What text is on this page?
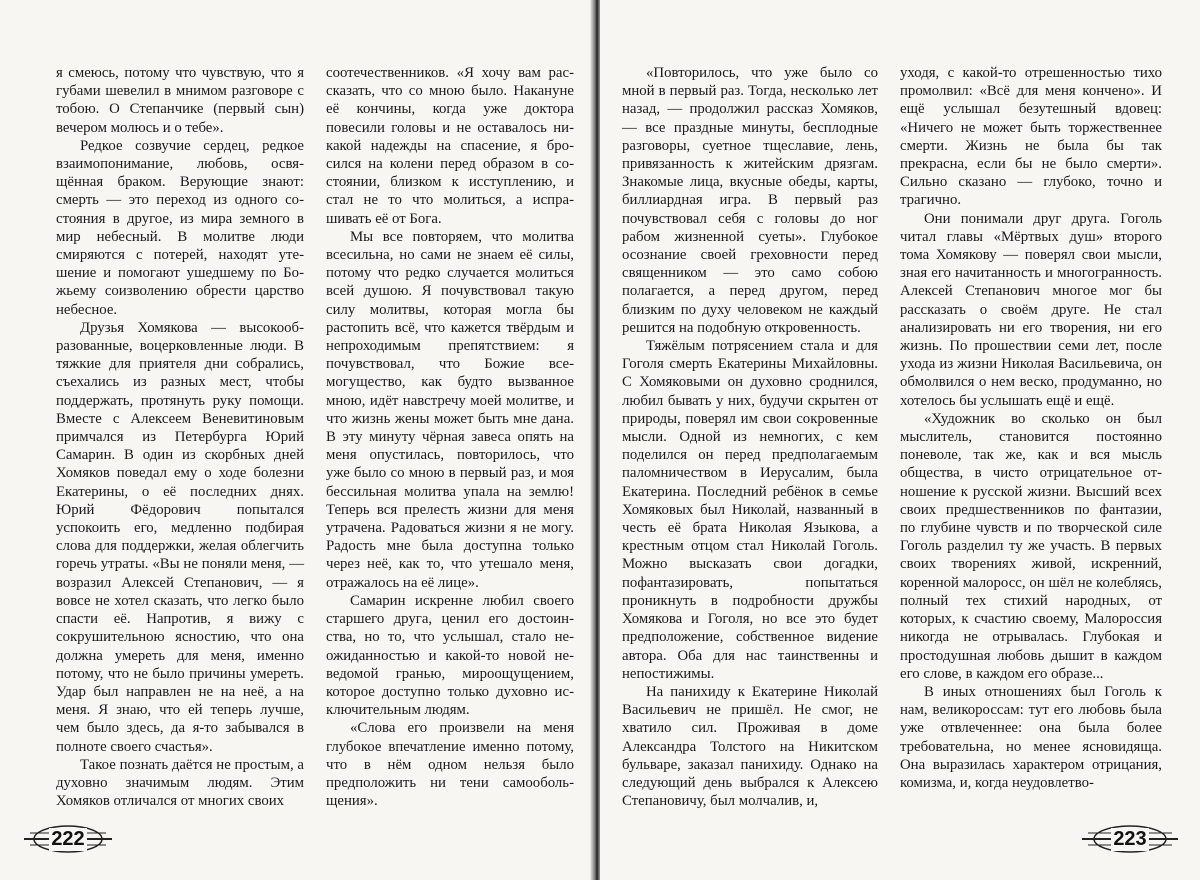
я смеюсь, потому что чувствую, что я губами шевелил в мнимом разговоре с тобою. О Степанчике (первый сын) вечером молюсь и о тебе».

Редкое созвучие сердец, редкое взаимопонимание, любовь, освящённая браком. Верующие знают: смерть — это переход из одного состояния в другое, из мира земного в мир небесный. В молитве люди смиряются с потерей, находят утешение и помогают ушедшему по Божьему соизволению обрести царство небесное.

Друзья Хомякова — высокообразованные, воцерковленные люди. В тяжкие для приятеля дни собрались, съехались из разных мест, чтобы поддержать, протянуть руку помощи. Вместе с Алексеем Веневитиновым примчался из Петербурга Юрий Самарин. В один из скорбных дней Хомяков поведал ему о ходе болезни Екатерины, о её последних днях. Юрий Фёдорович попытался успокоить его, медленно подбирая слова для поддержки, желая облегчить горечь утраты. «Вы не поняли меня, — возразил Алексей Степанович, — я вовсе не хотел сказать, что легко было спасти её. Напротив, я вижу с сокрушительною ясностию, что она должна умереть для меня, именно потому, что не было причины умереть. Удар был направлен не на неё, а на меня. Я знаю, что ей теперь лучше, чем было здесь, да я-то забывался в полноте своего счастья».

Такое познать даётся не простым, а духовно значимым людям. Этим Хомяков отличался от многих своих

соотечественников. «Я хочу вам рассказать, что со мною было. Накануне её кончины, когда уже доктора повесили головы и не оставалось никакой надежды на спасение, я бросился на колени перед образом в состоянии, близком к исступлению, и стал не то что молиться, а испрашивать её от Бога.

Мы все повторяем, что молитва всесильна, но сами не знаем её силы, потому что редко случается молиться всей душою. Я почувствовал такую силу молитвы, которая могла бы растопить всё, что кажется твёрдым и непроходимым препятствием: я почувствовал, что Божие всемогущество, как будто вызванное мною, идёт навстречу моей молитве, и что жизнь жены может быть мне дана. В эту минуту чёрная завеса опять на меня опустилась, повторилось, что уже было со мною в первый раз, и моя бессильная молитва упала на землю! Теперь вся прелесть жизни для меня утрачена. Радоваться жизни я не могу. Радость мне была доступна только через неё, как то, что утешало меня, отражалось на её лице».

Самарин искренне любил своего старшего друга, ценил его достоинства, но то, что услышал, стало неожиданностью и какой-то новой неведомой гранью, мироощущением, которое доступно только духовно исключительным людям.

«Слова его произвели на меня глубокое впечатление именно потому, что в нём одном нельзя было предположить ни тени самообольщения».

222

«Повторилось, что уже было со мной в первый раз. Тогда, несколько лет назад, — продолжил рассказ Хомяков, — все праздные минуты, бесплодные разговоры, суетное тщеславие, лень, привязанность к житейским дрязгам. Знакомые лица, вкусные обеды, карты, биллиардная игра. В первый раз почувствовал себя с головы до ног рабом жизненной суеты». Глубокое осознание своей греховности перед священником — это само собою полагается, а перед другом, перед близким по духу человеком не каждый решится на подобную откровенность.

Тяжёлым потрясением стала и для Гоголя смерть Екатерины Михайловны. С Хомяковыми он духовно сроднился, любил бывать у них, будучи скрытен от природы, поверял им свои сокровенные мысли. Одной из немногих, с кем поделился он перед предполагаемым паломничеством в Иерусалим, была Екатерина. Последний ребёнок в семье Хомяковых был Николай, названный в честь её брата Николая Языкова, а крестным отцом стал Николай Гоголь. Можно высказать свои догадки, пофантазировать, попытаться проникнуть в подробности дружбы Хомякова и Гоголя, но все это будет предположение, собственное видение автора. Оба для нас таинственны и непостижимы.

На панихиду к Екатерине Николай Васильевич не пришёл. Не смог, не хватило сил. Проживая в доме Александра Толстого на Никитском бульваре, заказал панихиду. Однако на следующий день выбрался к Алексею Степановичу, был молчалив, и,

уходя, с какой-то отрешенностью тихо промолвил: «Всё для меня кончено». И ещё услышал безутешный вдовец: «Ничего не может быть торжественнее смерти. Жизнь не была бы так прекрасна, если бы не было смерти». Сильно сказано — глубоко, точно и трагично.

Они понимали друг друга. Гоголь читал главы «Мёртвых душ» второго тома Хомякову — поверял свои мысли, зная его начитанность и многогранность. Алексей Степанович многое мог бы рассказать о своём друге. Не стал анализировать ни его творения, ни его жизнь. По прошествии семи лет, после ухода из жизни Николая Васильевича, он обмолвился о нем веско, продуманно, но хотелось бы услышать ещё и ещё.

«Художник во сколько он был мыслитель, становится постоянно поневоле, так же, как и вся мысль общества, в чисто отрицательное отношение к русской жизни. Высший всех своих предшественников по фантазии, по глубине чувств и по творческой силе Гоголь разделил ту же участь. В первых своих творениях живой, искренний, коренной малоросс, он шёл не колеблясь, полный тех стихий народных, от которых, к счастию своему, Малороссия никогда не отрывалась. Глубокая и простодушная любовь дышит в каждом его слове, в каждом его образе...

В иных отношениях был Гоголь к нам, великороссам: тут его любовь была уже отвлеченнее: она была более требовательна, но менее ясновидяща. Она выразилась характером отрицания, комизма, и, когда неудовлетво-

223
